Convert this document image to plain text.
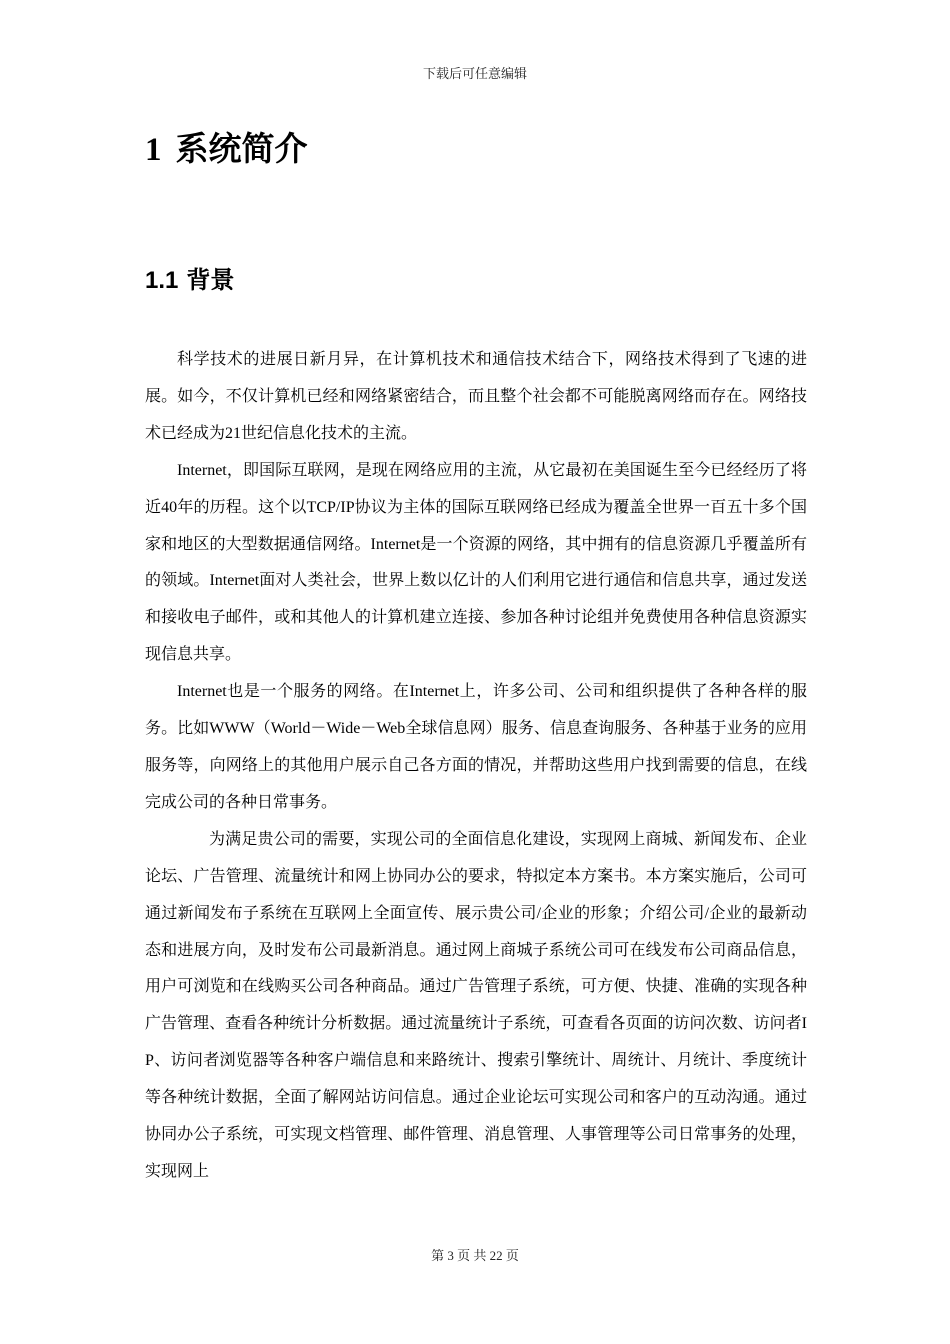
下载后可任意编辑
1 系统简介
1.1 背景

科学技术的进展日新月异，在计算机技术和通信技术结合下，网络技术得到了飞速的进展。如今，不仅计算机已经和网络紧密结合，而且整个社会都不可能脱离网络而存在。网络技术已经成为21世纪信息化技术的主流。

Internet，即国际互联网，是现在网络应用的主流，从它最初在美国诞生至今已经经历了将近40年的历程。这个以TCP/IP协议为主体的国际互联网络已经成为覆盖全世界一百五十多个国家和地区的大型数据通信网络。Internet是一个资源的网络，其中拥有的信息资源几乎覆盖所有的领域。Internet面对人类社会，世界上数以亿计的人们利用它进行通信和信息共享，通过发送和接收电子邮件，或和其他人的计算机建立连接、参加各种讨论组并免费使用各种信息资源实现信息共享。

Internet也是一个服务的网络。在Internet上，许多公司、公司和组织提供了各种各样的服务。比如WWW（World－Wide－Web全球信息网）服务、信息查询服务、各种基于业务的应用服务等，向网络上的其他用户展示自己各方面的情况，并帮助这些用户找到需要的信息，在线完成公司的各种日常事务。

为满足贵公司的需要，实现公司的全面信息化建设，实现网上商城、新闻发布、企业论坛、广告管理、流量统计和网上协同办公的要求，特拟定本方案书。本方案实施后，公司可通过新闻发布子系统在互联网上全面宣传、展示贵公司/企业的形象；介绍公司/企业的最新动态和进展方向，及时发布公司最新消息。通过网上商城子系统公司可在线发布公司商品信息，用户可浏览和在线购买公司各种商品。通过广告管理子系统，可方便、快捷、准确的实现各种广告管理、查看各种统计分析数据。通过流量统计子系统，可查看各页面的访问次数、访问者IP、访问者浏览器等各种客户端信息和来路统计、搜索引擎统计、周统计、月统计、季度统计等各种统计数据，全面了解网站访问信息。通过企业论坛可实现公司和客户的互动沟通。通过协同办公子系统，可实现文档管理、邮件管理、消息管理、人事管理等公司日常事务的处理，实现网上

第 3 页 共 22 页
